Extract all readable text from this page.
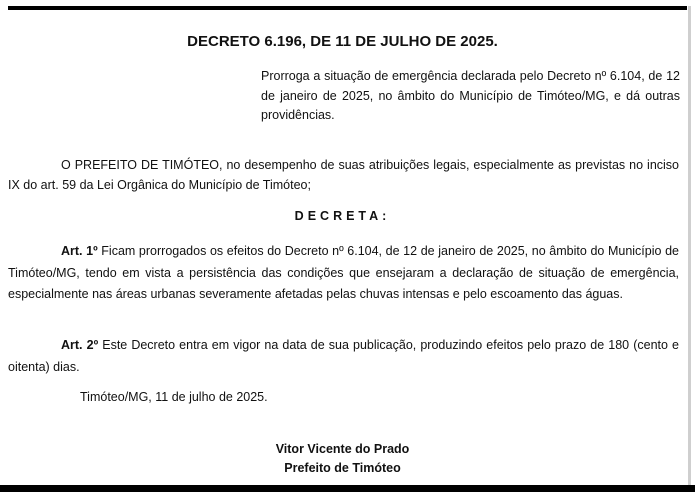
DECRETO 6.196, DE 11 DE JULHO DE 2025.
Prorroga a situação de emergência declarada pelo Decreto nº 6.104, de 12 de janeiro de 2025, no âmbito do Município de Timóteo/MG, e dá outras providências.
O PREFEITO DE TIMÓTEO, no desempenho de suas atribuições legais, especialmente as previstas no inciso IX do art. 59 da Lei Orgânica do Município de Timóteo;
DECRETA:
Art. 1º Ficam prorrogados os efeitos do Decreto nº 6.104, de 12 de janeiro de 2025, no âmbito do Município de Timóteo/MG, tendo em vista a persistência das condições que ensejaram a declaração de situação de emergência, especialmente nas áreas urbanas severamente afetadas pelas chuvas intensas e pelo escoamento das águas.
Art. 2º Este Decreto entra em vigor na data de sua publicação, produzindo efeitos pelo prazo de 180 (cento e oitenta) dias.
Timóteo/MG, 11 de julho de 2025.
Vitor Vicente do Prado
Prefeito de Timóteo
